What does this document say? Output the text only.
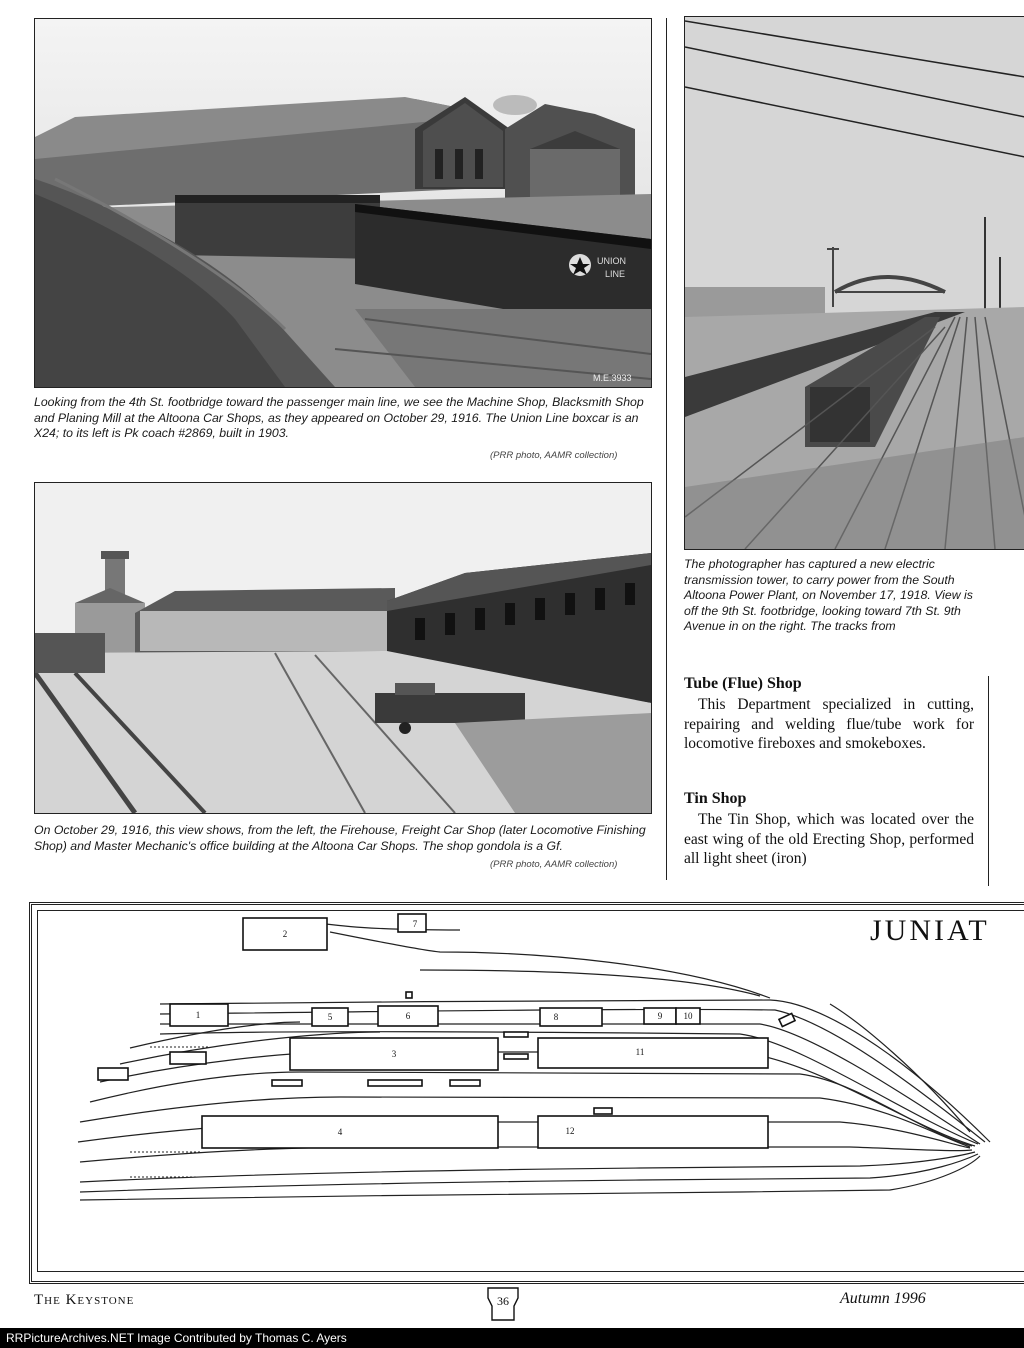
UNION
LINE
M.E.3933

Looking from the 4th St. footbridge toward the passenger main line, we see the Machine Shop, Blacksmith Shop and Planing Mill at the Altoona Car Shops, as they appeared on October 29, 1916. The Union Line boxcar is an X24; to its left is Pk coach #2869, built in 1903.

(PRR photo, AAMR collection)

On October 29, 1916, this view shows, from the left, the Firehouse, Freight Car Shop (later Locomotive Finishing Shop) and Master Mechanic's office building at the Altoona Car Shops. The shop gondola is a Gf.

(PRR photo, AAMR collection)

The photographer has captured a new electric transmission tower, to carry power from the South Altoona Power Plant, on November 17, 1918. View is off the 9th St. footbridge, looking toward 7th St. 9th Avenue in on the right. The tracks from

Tube (Flue) Shop

This Department specialized in cutting, repairing and welding flue/tube work for locomotive fireboxes and smokeboxes.

Tin Shop

The Tin Shop, which was located over the east wing of the old Erecting Shop, performed all light sheet (iron)

JUNIAT
1
2
3
4
5	6
7
8	9 10
11
12
The Keystone	36	Autumn 1996
RRPictureArchives.NET Image Contributed by Thomas C. Ayers
